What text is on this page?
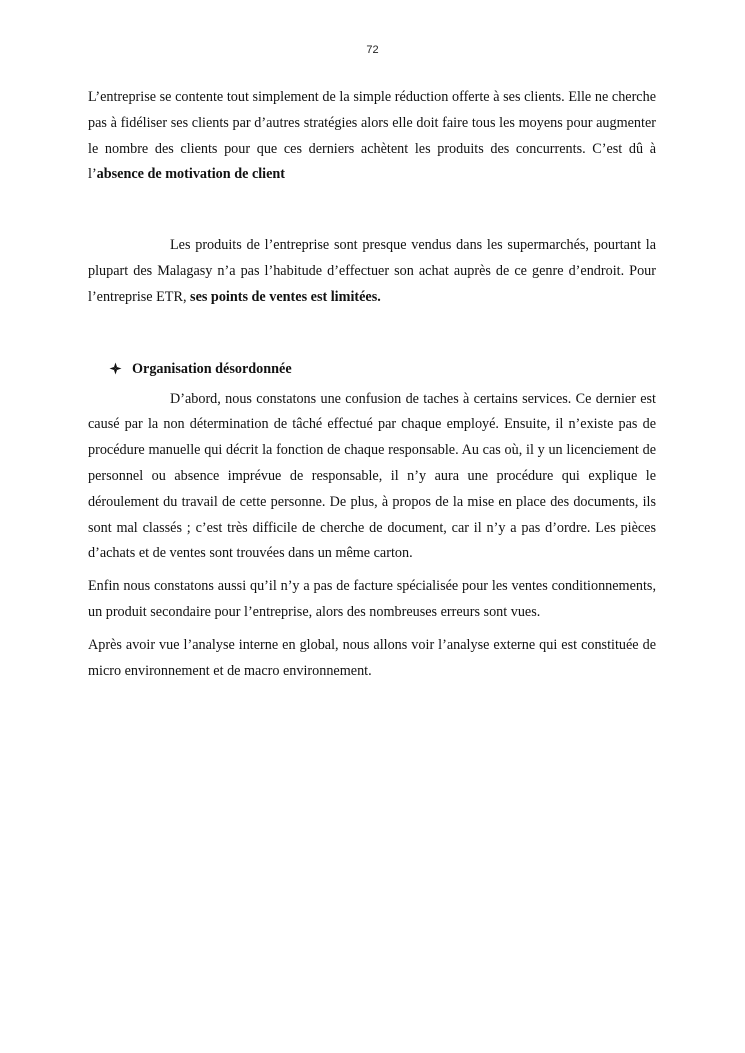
72

L’entreprise se contente tout simplement de la simple réduction offerte à ses clients. Elle ne cherche pas à fidéliser ses clients par d’autres stratégies alors elle doit faire tous les moyens pour augmenter le nombre des clients pour que ces derniers achètent les produits des concurrents. C’est dû à l’absence de motivation de client

Les produits de l’entreprise sont presque vendus dans les supermarchés, pourtant la plupart des Malagasy n’a pas l’habitude d’effectuer son achat auprès de ce genre d’endroit. Pour l’entreprise ETR, ses points de ventes est limitées.

Organisation désordonnée

D’abord, nous constatons une confusion de taches à certains services. Ce dernier est causé par la non détermination de tâché effectué par chaque employé. Ensuite, il n’existe pas de procédure manuelle qui décrit la fonction de chaque responsable. Au cas où, il y un licenciement de personnel ou absence imprévue de responsable, il n’y aura une procédure qui explique le déroulement du travail de cette personne. De plus, à propos de la mise en place des documents, ils sont mal classés ; c’est très difficile de cherche de document, car il n’y a pas d’ordre. Les pièces d’achats et de ventes sont trouvées dans un même carton.

Enfin nous constatons aussi qu’il n’y a pas de facture spécialisée pour les ventes conditionnements, un produit secondaire pour l’entreprise, alors des nombreuses erreurs sont vues.

Après avoir vue l’analyse interne en global, nous allons voir l’analyse externe qui est constituée de micro environnement et de macro environnement.
